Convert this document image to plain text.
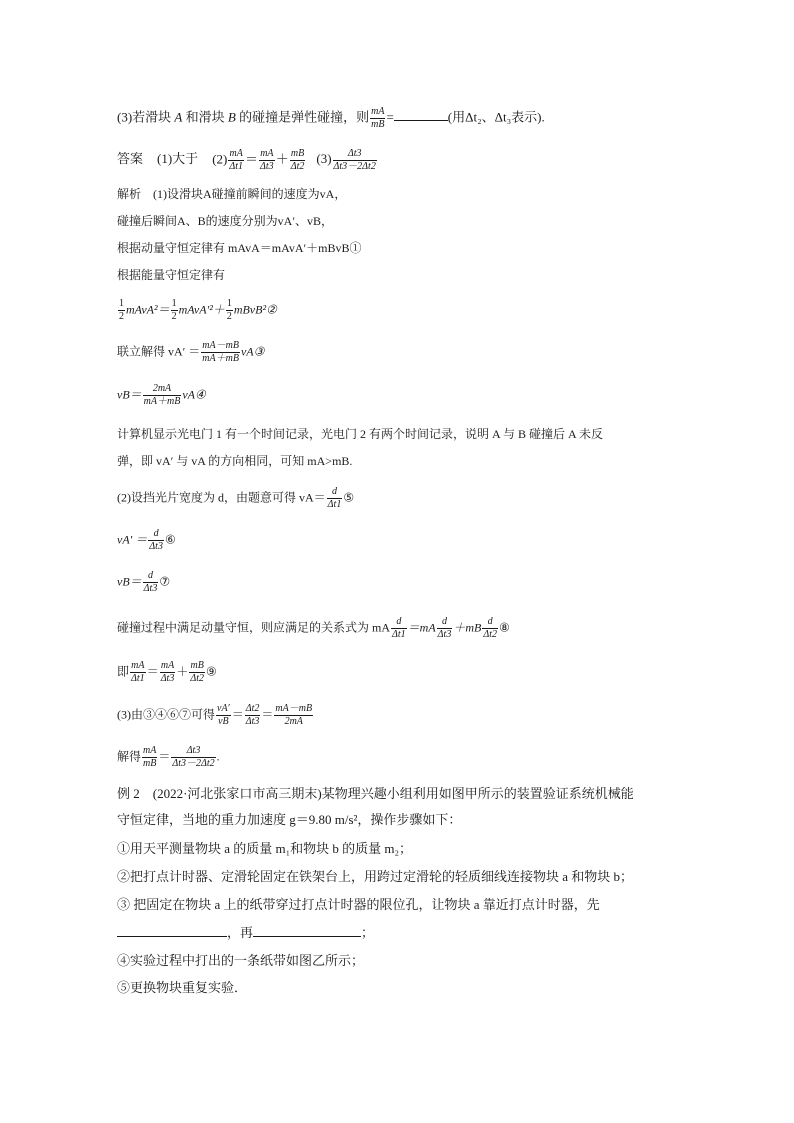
(3)若滑块 A 和滑块 B 的碰撞是弹性碰撞，则 $\frac{mA}{mB}$ =	(用Δt₂、Δt₃表示).
答案 (1)大于 $(2) \frac{mA}{\Delta t1} = \frac{mA}{\Delta t3} + \frac{mB}{\Delta t2} (3) \frac{\Delta t3}{\Delta t3-2\Delta t2}$
解析 (1)设滑块A碰撞前瞬间的速度为vA，
碰撞后瞬间A、B的速度分别为vA′、vB，
根据动量守恒定律有 mAvA＝mAvA′＋mBvB①
根据能量守恒定律有
$\frac{1}{2}$ mAvA²＝ $\frac{1}{2}$ mAvA′²＋ $\frac{1}{2}$ mBvB²②
联立解得 $vA' = \frac{mA-mB}{mA+mB}$ vA③
$vB= \frac{2mA}{mA+mB}$ vA④
计算机显示光电门 1 有一个时间记录，光电门 2 有两个时间记录，说明 A 与 B 碰撞后 A 未反
弹，即 vA′ 与 vA 的方向相同，可知 mA>mB.
(2)设挡光片宽度为 d，由题意可得 $vA= \frac{d}{\Delta t1}$ ⑤
$vA' = \frac{d}{\Delta t3}$ ⑥
$vB= \frac{d}{\Delta t3}$ ⑦
碰撞过程中满足动量守恒，则应满足的关系式为 mA $\frac{d}{\Delta t1} =mA \frac{d}{\Delta t3} +mB \frac{d}{\Delta t2}$ ⑧
即 $\frac{mA}{\Delta t1} = \frac{mA}{\Delta t3} + \frac{mB}{\Delta t2}$ ⑨
(3)由③④⑥⑦可得 $\frac{vA'}{vB} = \frac{\Delta t2}{\Delta t3} = \frac{mA-mB}{2mA}$
解得 $\frac{mA}{mB} = \frac{\Delta t3}{\Delta t3-2\Delta t2}$ .
例 2　(2022·河北张家口市高三期末)某物理兴趣小组利用如图甲所示的装置验证系统机械能
守恒定律，当地的重力加速度 g＝9.80 m/s²，操作步骤如下：
①用天平测量物块 a 的质量 m₁和物块 b 的质量 m₂；
②把打点计时器、定滑轮固定在铁架台上，用跨过定滑轮的轻质细线连接物块 a 和物块 b；
③ 把固定在物块 a 上的纸带穿过打点计时器的限位孔，让物块 a 靠近打点计时器，先
，再	；
④实验过程中打出的一条纸带如图乙所示；
⑤更换物块重复实验．
